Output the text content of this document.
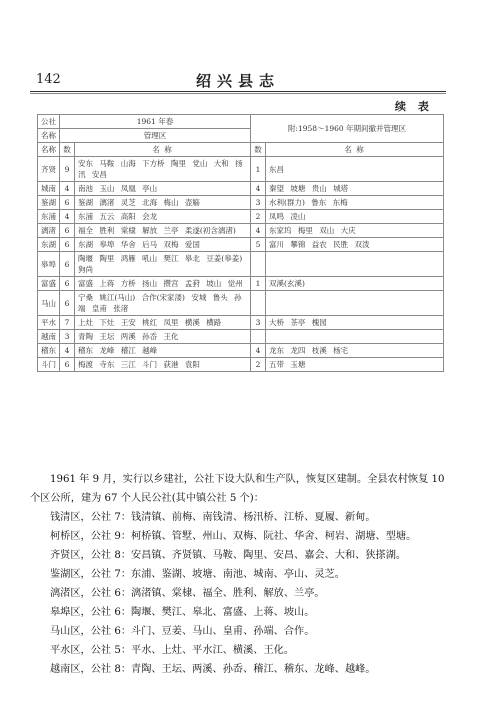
142	绍兴县志
续 表
公社	1961 年春		附:1958～1960 年期间撤并管理区	
名称	管理区			
名称	数	名 称	数	名 称
齐贤	9	安东 马鞍 山海 下方桥 陶里 党山 大和 扬汛 安昌	1	东昌
城南	4	南池 玉山 凤凰 亭山	4	秦望 坡塘 贵山 城塔
鉴湖	6	鉴湖 漓渚 灵芝 北海 梅山 壶觞	3	水利(群力) 鲁东 东梅
东浦	4	东浦 五云 高阳 会龙	2	凤鸣 凌山
漓渚	6	福全 胜利 棠棣 解放 兰亭 柔遂(初含漓渚)	4	东家坞 梅里 双山 大庆
东湖	6	东湖 皋埠 华舍 后马 双梅 爱国	5	富川 攀锦 益农 民胜 双泼
皋埠	6	陶堰 陶里 鸿雁 吼山 樊江 皋北 豆姜(皋姜) 狗尚		
富盛	6	富盛 上蒋 方桥 扬山 攒宫 孟葑 坡山 觉州	1	双溪(玄溪)
马山	6	宁桑 姚江(马山) 合作(宋家溇) 安城 鲁头 孙端 皇甫 张渚		
平水	7	上灶 下灶 王安 桃红 凤里 横溪 横路	3	大桥 茶亭 槐园
越南	3	青陶 王坛 两溪 孙岙 王化		
稽东	4	稽东 龙峰 稽江 越峰	4	龙东 龙四 枝溪 杨宅
斗门	6	梅渡 寺东 三江 斗门 荻港 袁阳	2	五带 玉塘
1961 年 9 月，实行以乡建社，公社下设大队和生产队，恢复区建制。全县农村恢复 10 个区公所，建为 67 个人民公社(其中镇公社 5 个)：
钱清区，公社 7：钱清镇、前梅、南钱清、杨汛桥、江桥、夏履、新甸。
柯桥区，公社 9：柯桥镇、管墅、州山、双梅、阮社、华舍、柯岩、湖塘、型塘。
齐贤区，公社 8：安昌镇、齐贤镇、马鞍、陶里、安昌、嘉会、大和、狭搽湖。
鉴湖区，公社 7：东浦、鉴湖、坡塘、南池、城南、亭山、灵芝。
漓渚区，公社 6：漓渚镇、棠棣、福全、胜利、解放、兰亭。
皋埠区，公社 6：陶堰、樊江、皋北、富盛、上蒋、坡山。
马山区，公社 6：斗门、豆姜、马山、皇甫、孙端、合作。
平水区，公社 5：平水、上灶、平水江、横溪、王化。
越南区，公社 8：青陶、王坛、两溪、孙岙、稽江、稽东、龙峰、越峰。
